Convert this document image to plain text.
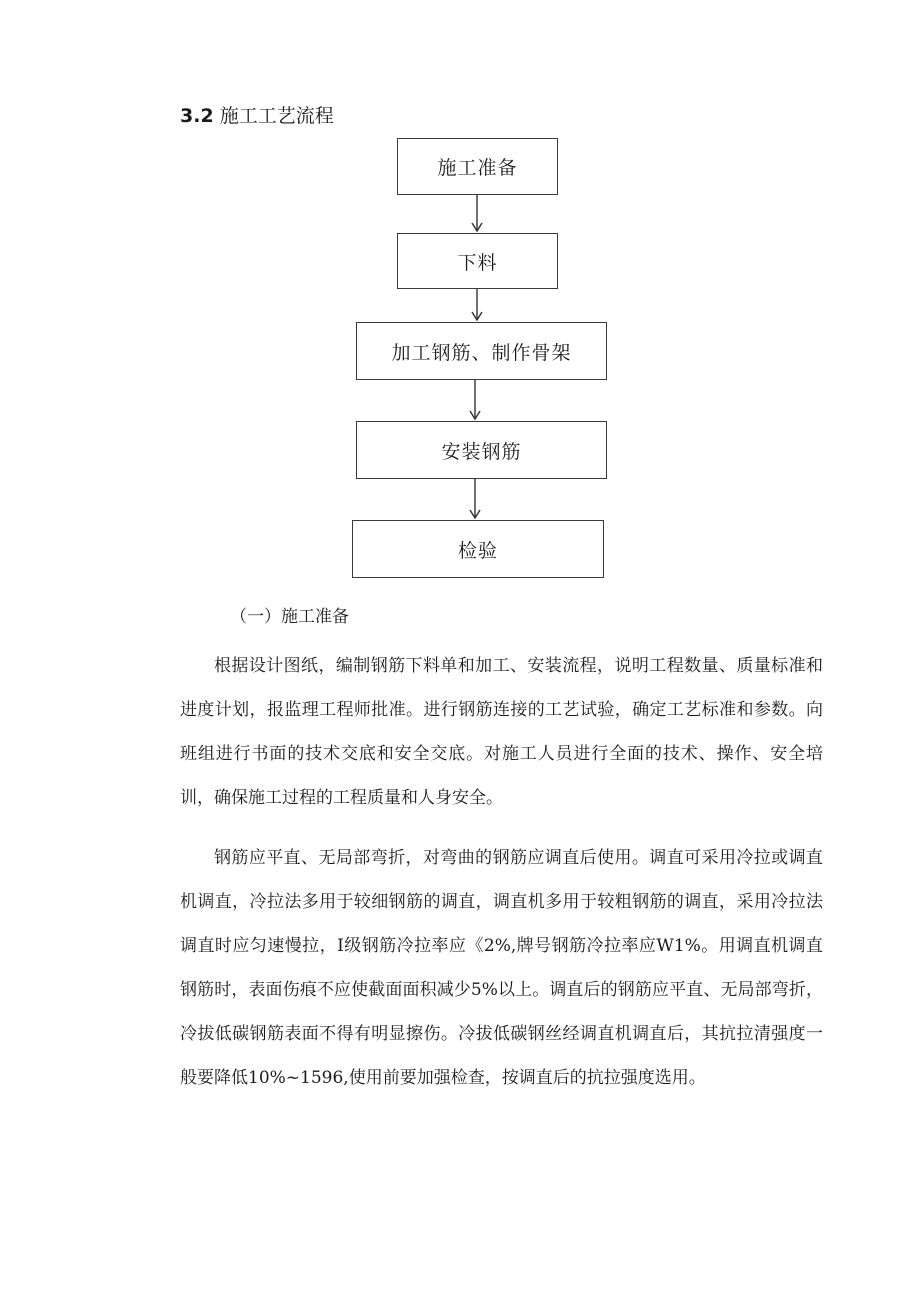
3.2 施工工艺流程
施工准备
下料
加工钢筋、制作骨架
安装钢筋
检验
（一）施工准备

根据设计图纸，编制钢筋下料单和加工、安装流程，说明工程数量、质量标准和进度计划，报监理工程师批准。进行钢筋连接的工艺试验，确定工艺标准和参数。向班组进行书面的技术交底和安全交底。对施工人员进行全面的技术、操作、安全培训，确保施工过程的工程质量和人身安全。

钢筋应平直、无局部弯折，对弯曲的钢筋应调直后使用。调直可采用冷拉或调直机调直，冷拉法多用于较细钢筋的调直，调直机多用于较粗钢筋的调直，采用冷拉法调直时应匀速慢拉，I级钢筋冷拉率应《2%,牌号钢筋冷拉率应W1%。用调直机调直钢筋时，表面伤痕不应使截面面积减少5%以上。调直后的钢筋应平直、无局部弯折，冷拔低碳钢筋表面不得有明显擦伤。冷拔低碳钢丝经调直机调直后，其抗拉清强度一般要降低10%~1596,使用前要加强检查，按调直后的抗拉强度选用。
